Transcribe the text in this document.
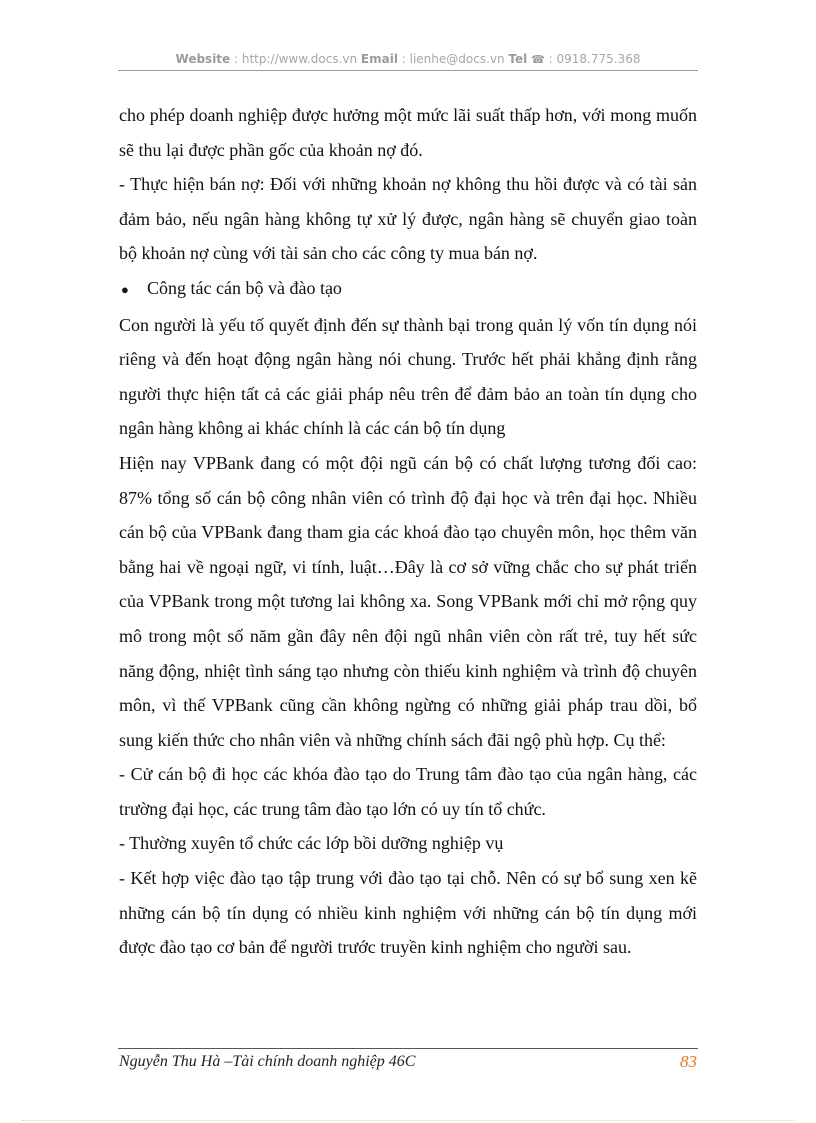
Website : http://www.docs.vn Email : lienhe@docs.vn Tel ☎ : 0918.775.368

cho phép doanh nghiệp được hưởng một mức lãi suất thấp hơn, với mong muốn sẽ thu lại được phần gốc của khoản nợ đó.

- Thực hiện bán nợ: Đối với những khoản nợ không thu hồi được và có tài sản đảm bảo, nếu ngân hàng không tự xử lý được, ngân hàng sẽ chuyển giao toàn bộ khoản nợ cùng với tài sản cho các công ty mua bán nợ.

●	Công tác cán bộ và đào tạo

Con người là yếu tố quyết định đến sự thành bại trong quản lý vốn tín dụng nói riêng và đến hoạt động ngân hàng nói chung. Trước hết phải khẳng định rằng người thực hiện tất cả các giải pháp nêu trên để đảm bảo an toàn tín dụng cho ngân hàng không ai khác chính là các cán bộ tín dụng

Hiện nay VPBank đang có một đội ngũ cán bộ có chất lượng tương đối cao: 87% tổng số cán bộ công nhân viên có trình độ đại học và trên đại học. Nhiều cán bộ của VPBank đang tham gia các khoá đào tạo chuyên môn, học thêm văn bằng hai về ngoại ngữ, vi tính, luật…Đây là cơ sở vững chắc cho sự phát triển của VPBank trong một tương lai không xa. Song VPBank mới chỉ mở rộng quy mô trong một số năm gần đây nên đội ngũ nhân viên còn rất trẻ, tuy hết sức năng động, nhiệt tình sáng tạo nhưng còn thiếu kinh nghiệm và trình độ chuyên môn, vì thế VPBank cũng cần không ngừng có những giải pháp trau dồi, bổ sung kiến thức cho nhân viên và những chính sách đãi ngộ phù hợp. Cụ thể:

- Cử cán bộ đi học các khóa đào tạo do Trung tâm đào tạo của ngân hàng, các trường đại học, các trung tâm đào tạo lớn có uy tín tổ chức.

- Thường xuyên tổ chức các lớp bồi dưỡng nghiệp vụ

- Kết hợp việc đào tạo tập trung với đào tạo tại chỗ. Nên có sự bổ sung xen kẽ những cán bộ tín dụng có nhiều kinh nghiệm với những cán bộ tín dụng mới được đào tạo cơ bản để người trước truyền kinh nghiệm cho người sau.

Nguyễn Thu Hà –Tài chính doanh nghiệp 46C	83
